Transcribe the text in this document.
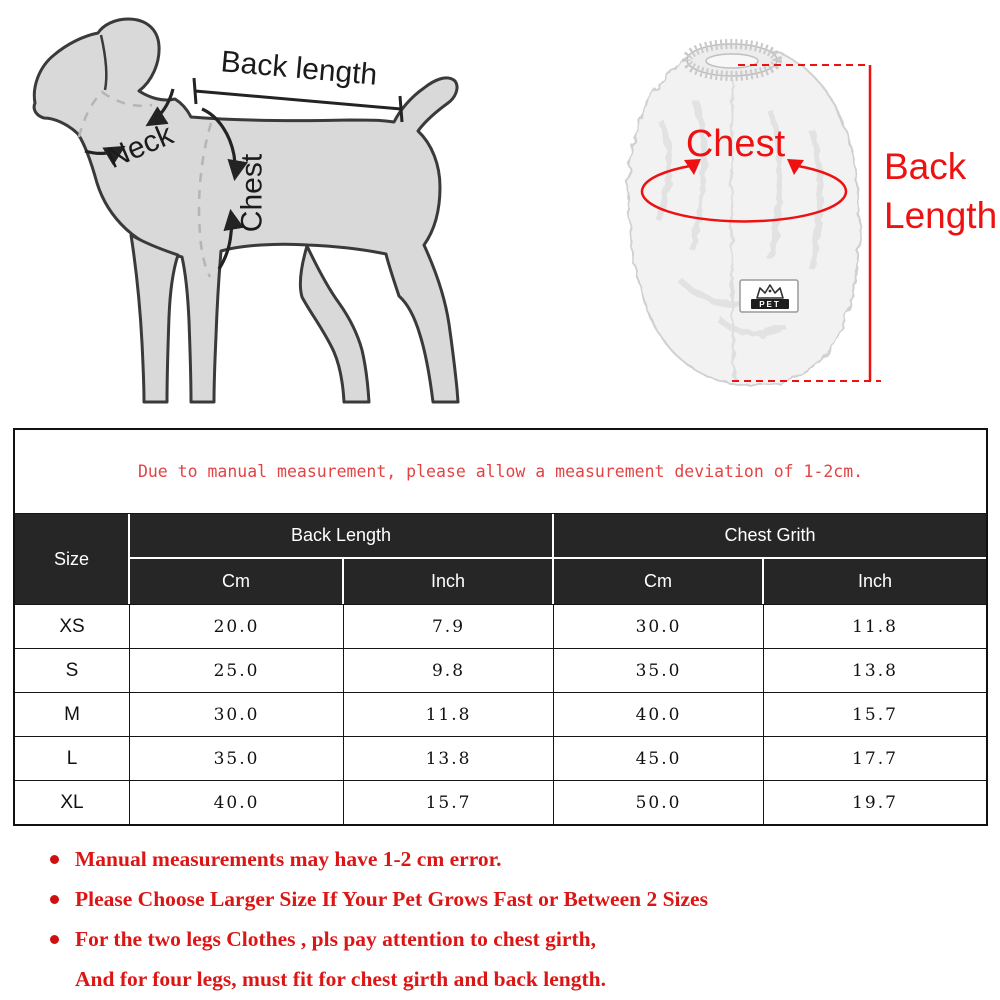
Back length
Neck
Chest
PET
Chest
Back
Length
Due to manual measurement, please allow a measurement deviation of 1-2cm.				
Size	Back Length		Chest Grith	
	Cm	Inch	Cm	Inch
XS	20.0	7.9	30.0	11.8
S	25.0	9.8	35.0	13.8
M	30.0	11.8	40.0	15.7
L	35.0	13.8	45.0	17.7
XL	40.0	15.7	50.0	19.7
Manual measurements may have 1-2 cm error.
Please Choose Larger Size If Your Pet Grows Fast or Between 2 Sizes
For the two legs Clothes , pls pay attention to chest girth,
And for four legs, must fit for chest girth and back length.
